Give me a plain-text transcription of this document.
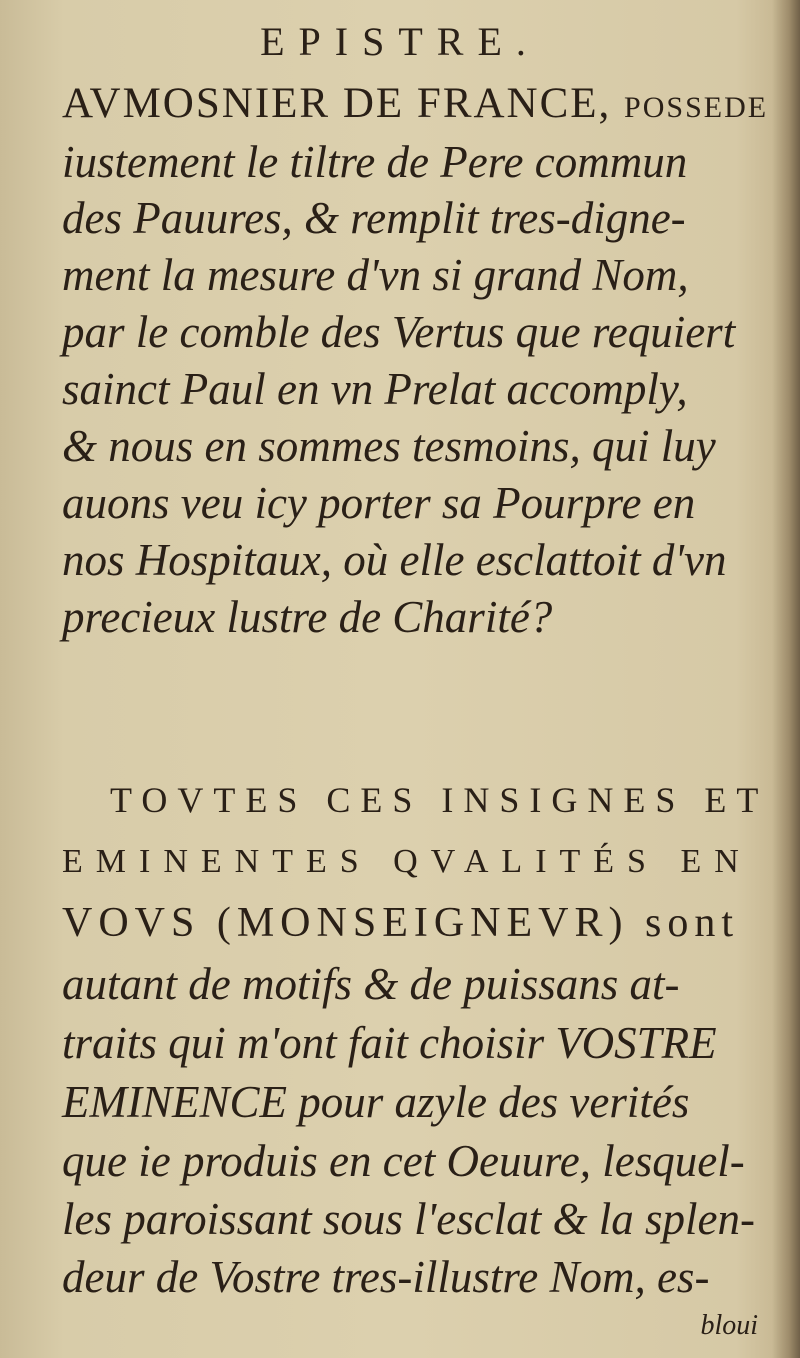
EPISTRE.
AVMOSNIER DE FRANCE, possede
iustement le tiltre de Pere commun
des Pauures, & remplit tres-digne-
ment la mesure d'vn si grand Nom,
par le comble des Vertus que requiert
sainct Paul en vn Prelat accomply,
& nous en sommes tesmoins, qui luy
auons veu icy porter sa Pourpre en
nos Hospitaux, où elle esclattoit d'vn
precieux lustre de Charité?
TOVTES CES INSIGNES ET
EMINENTES QVALITÉS EN
VOVS (MONSEIGNEVR) sont
autant de motifs & de puissans at-
traits qui m'ont fait choisir VOSTRE
EMINENCE pour azyle des verités
que ie produis en cet Oeuure, lesquel-
les paroissant sous l'esclat & la splen-
deur de Vostre tres-illustre Nom, es-
bloui
